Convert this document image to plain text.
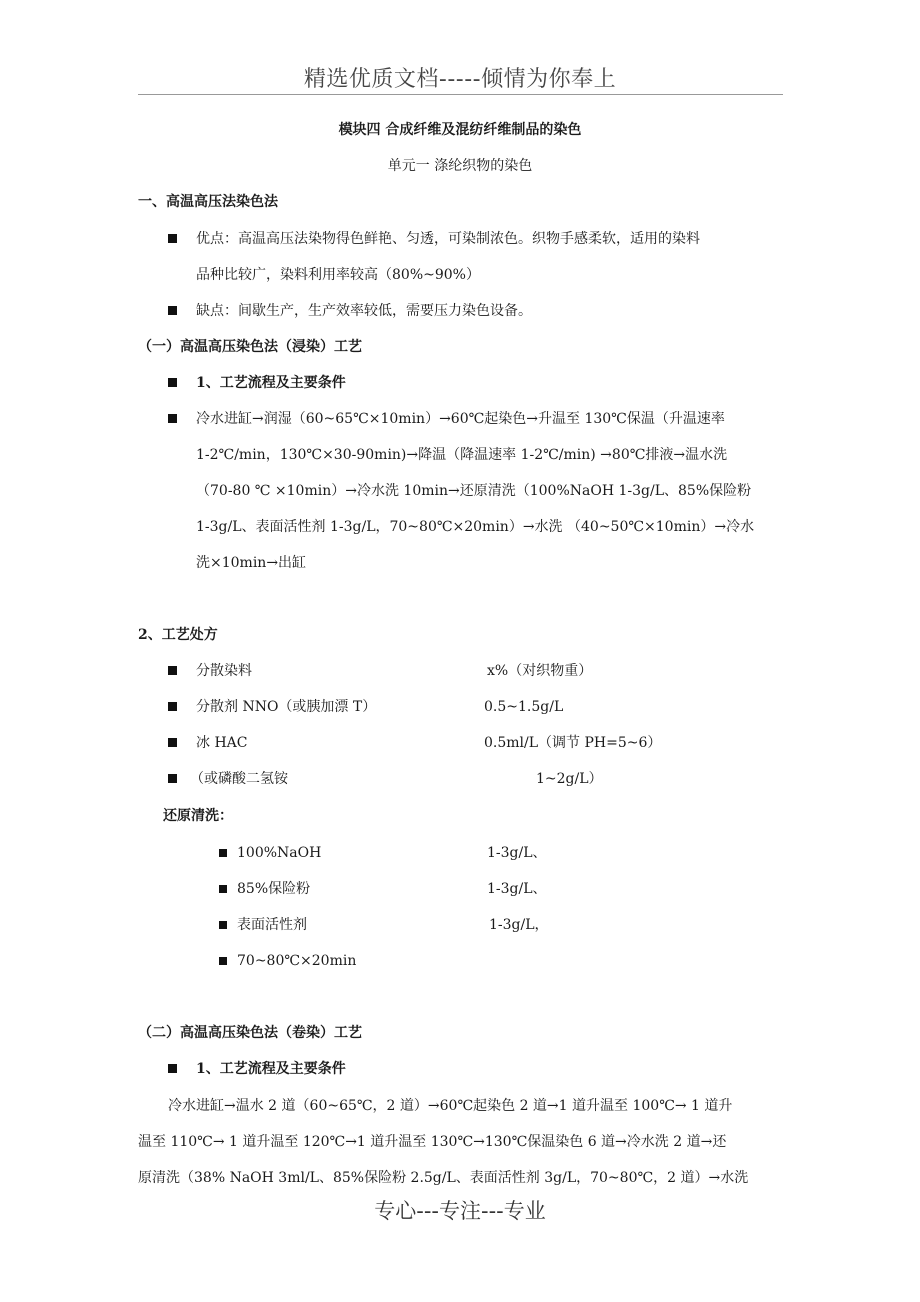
精选优质文档-----倾情为你奉上
模块四 合成纤维及混纺纤维制品的染色
单元一 涤纶织物的染色
一、高温高压法染色法
优点：高温高压法染物得色鲜艳、匀透，可染制浓色。织物手感柔软，适用的染料
品种比较广，染料利用率较高（80%~90%）
缺点：间歇生产，生产效率较低，需要压力染色设备。
（一）高温高压染色法（浸染）工艺
1、工艺流程及主要条件
冷水进缸→润湿（60~65℃×10min）→60℃起染色→升温至 130℃保温（升温速率
1-2℃/min，130℃×30-90min)→降温（降温速率 1-2℃/min) →80℃排液→温水洗
（70-80 ℃ ×10min）→冷水洗 10min→还原清洗（100%NaOH 1-3g/L、85%保险粉
1-3g/L、表面活性剂 1-3g/L，70~80℃×20min）→水洗 （40~50℃×10min）→冷水
洗×10min→出缸
2、工艺处方
分散染料	x%（对织物重）
分散剂 NNO（或胰加漂 T）	0.5~1.5g/L
冰 HAC	0.5ml/L（调节 PH=5~6）
（或磷酸二氢铵	1~2g/L）
还原清洗：
100%NaOH	1-3g/L、
85%保险粉	1-3g/L、
表面活性剂	1-3g/L，
70~80℃×20min
（二）高温高压染色法（卷染）工艺
1、工艺流程及主要条件
冷水进缸→温水 2 道（60~65℃，2 道）→60℃起染色 2 道→1 道升温至 100℃→ 1 道升
温至 110℃→ 1 道升温至 120℃→1 道升温至 130℃→130℃保温染色 6 道→冷水洗 2 道→还
原清洗（38% NaOH 3ml/L、85%保险粉 2.5g/L、表面活性剂 3g/L，70~80℃，2 道）→水洗
专心---专注---专业
